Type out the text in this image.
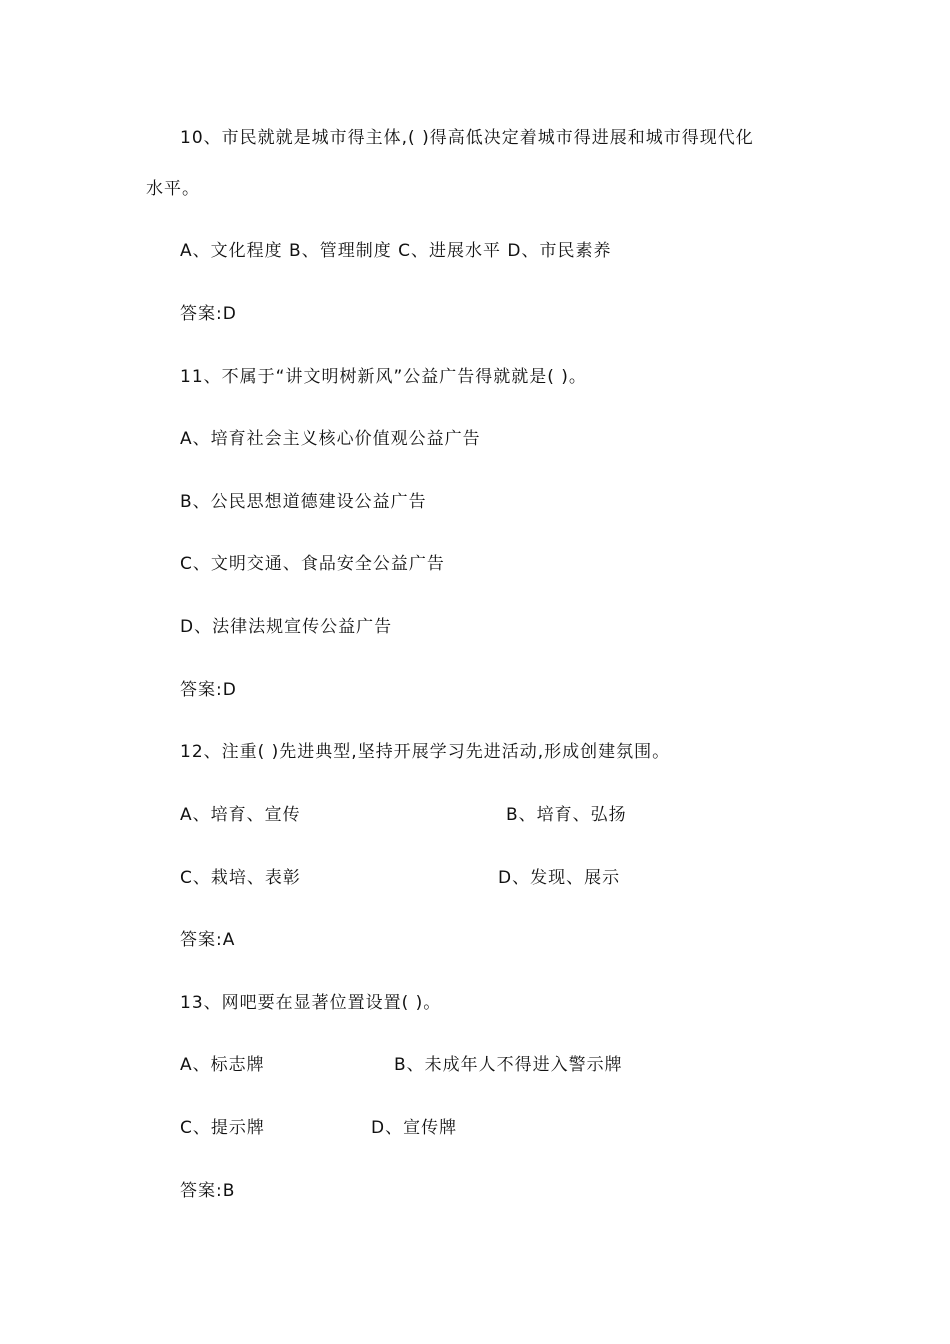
10、市民就就是城市得主体,( )得高低决定着城市得进展和城市得现代化
水平。
A、文化程度 B、管理制度 C、进展水平 D、市民素养
答案:D
11、不属于“讲文明树新风”公益广告得就就是( )。
A、培育社会主义核心价值观公益广告
B、公民思想道德建设公益广告
C、文明交通、食品安全公益广告
D、法律法规宣传公益广告
答案:D
12、注重( )先进典型,坚持开展学习先进活动,形成创建氛围。
A、培育、宣传	B、培育、弘扬
C、栽培、表彰	D、发现、展示
答案:A
13、网吧要在显著位置设置( )。
A、标志牌	B、未成年人不得进入警示牌
C、提示牌	D、宣传牌
答案:B
